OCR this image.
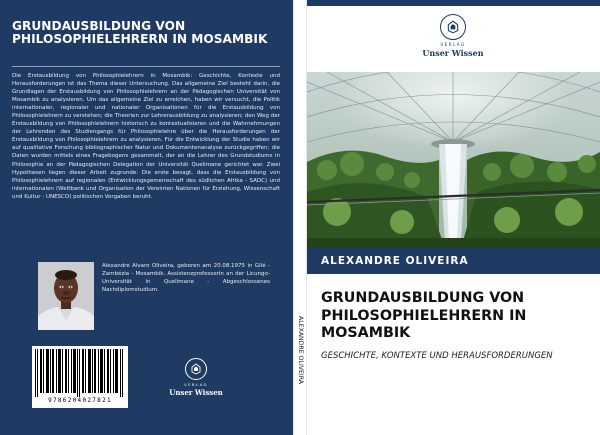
GRUNDAUSBILDUNG VON PHILOSOPHIELEHRERN IN MOSAMBIK
Die Erstausbildung von Philosophielehrern in Mosambik: Geschichte, Kontexte und Herausforderungen ist das Thema dieser Untersuchung. Das allgemeine Ziel besteht darin, die Grundlagen der Erstausbildung von Philosophielehrern an der Pädagogischen Universität von Mosambik zu analysieren. Um das allgemeine Ziel zu erreichen, haben wir versucht, die Politik internationaler, regionaler und nationaler Organisationen für die Erstausbildung von Philosophielehrern zu verstehen; die Theorien zur Lehrerausbildung zu analysieren; den Weg der Erstausbildung von Philosophielehrern historisch zu kontextualisieren und die Wahrnehmungen der Lehrenden des Studiengangs für Philosophielehre über die Herausforderungen der Erstausbildung von Philosophielehrern zu analysieren. Für die Entwicklung der Studie haben wir auf qualitative Forschung bibliographischer Natur und Dokumentenanalyse zurückgegriffen; die Daten wurden mittels eines Fragebogens gesammelt, der an die Lehrer des Grundstudiums in Philosophie an der Pädagogischen Delegation der Universität Quelimane gerichtet war. Zwei Hypothesen liegen dieser Arbeit zugrunde: Die erste besagt, dass die Erstausbildung von Philosophielehrern auf regionalen (Entwicklungsgemeinschaft des südlichen Afrika - SADC) und internationalen (Weltbank und Organisation der Vereinten Nationen für Erziehung, Wissenschaft und Kultur - UNESCO) politischen Vorgaben beruht.
Alexandre Alvaro Oliveira, geboren am 20.08.1975 in Gilé - Zambézia - Mosambik. Assistenzprofessorin an der Licungo-Universität in Quelimane - Abgeschlossenes Nachdiplomstudium.
9786204027821
VERLAG
Unser Wissen
ALEXANDRE OLIVEIRA
VERLAG
Unser Wissen
ALEXANDRE OLIVEIRA
GRUNDAUSBILDUNG VON PHILOSOPHIELEHRERN IN MOSAMBIK
GESCHICHTE, KONTEXTE UND HERAUSFORDERUNGEN
